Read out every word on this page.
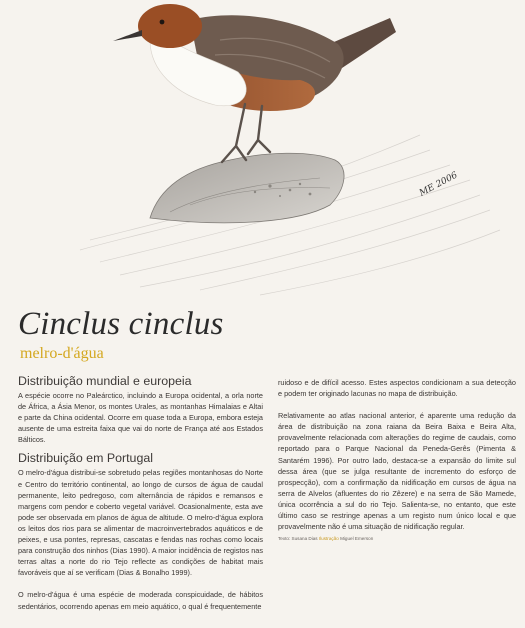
ME 2006
Cinclus cinclus
melro-d'água
Distribuição mundial e europeia

A espécie ocorre no Paleárctico, incluindo a Europa ocidental, a orla norte de África, a Ásia Menor, os montes Urales, as montanhas Himalaias e Altai e parte da China ocidental. Ocorre em quase toda a Europa, embora esteja ausente de uma estreita faixa que vai do norte de França até aos Estados Bálticos.

Distribuição em Portugal

O melro-d'água distribui-se sobretudo pelas regiões montanhosas do Norte e Centro do território continental, ao longo de cursos de água de caudal permanente, leito pedregoso, com alternância de rápidos e remansos e margens com pendor e coberto vegetal variável. Ocasionalmente, esta ave pode ser observada em planos de água de altitude. O melro-d'água explora os leitos dos rios para se alimentar de macroinvertebrados aquáticos e de peixes, e usa pontes, represas, cascatas e fendas nas rochas como locais para construção dos ninhos (Dias 1990). A maior incidência de registos nas terras altas a norte do rio Tejo reflecte as condições de habitat mais favoráveis que aí se verificam (Dias & Bonalho 1999).

O melro-d'água é uma espécie de moderada conspicuidade, de hábitos sedentários, ocorrendo apenas em meio aquático, o qual é frequentemente

ruidoso e de difícil acesso. Estes aspectos condicionam a sua detecção e podem ter originado lacunas no mapa de distribuição.

Relativamente ao atlas nacional anterior, é aparente uma redução da área de distribuição na zona raiana da Beira Baixa e Beira Alta, provavelmente relacionada com alterações do regime de caudais, como reportado para o Parque Nacional da Peneda-Gerês (Pimenta & Santarém 1996). Por outro lado, destaca-se a expansão do limite sul dessa área (que se julga resultante de incremento do esforço de prospecção), com a confirmação da nidificação em cursos de água na serra de Alvelos (afluentes do rio Zêzere) e na serra de São Mamede, única ocorrência a sul do rio Tejo. Salienta-se, no entanto, que este último caso se restringe apenas a um registo num único local e que provavelmente não é uma situação de nidificação regular.

Texto: Susana Dias Ilustração Miguel Emerson
